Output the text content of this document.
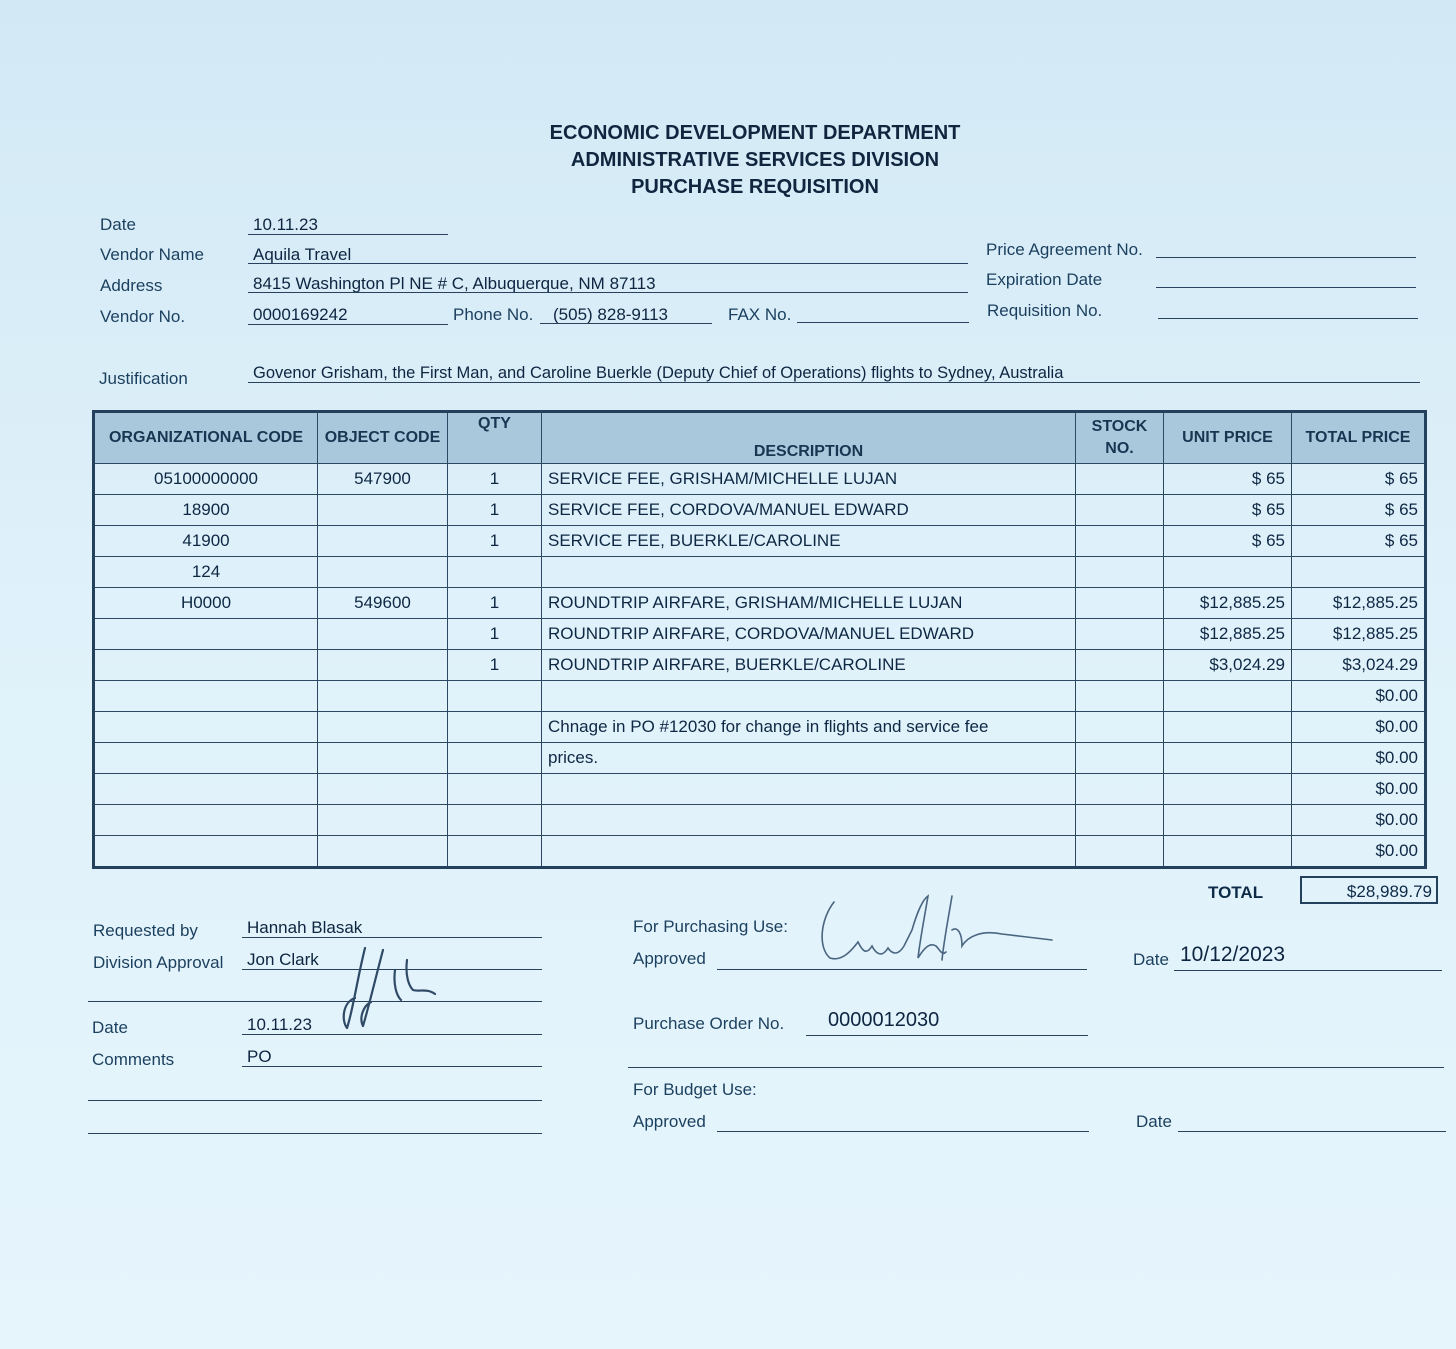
ECONOMIC DEVELOPMENT DEPARTMENT
ADMINISTRATIVE SERVICES DIVISION
PURCHASE REQUISITION
Date	10.11.23
Vendor Name	Aquila Travel
Address	8415 Washington Pl NE # C, Albuquerque, NM 87113
Vendor No.	0000169242	Phone No. (505) 828-9113	FAX No.
Price Agreement No.
Expiration Date
Requisition No.
Justification	Govenor Grisham, the First Man, and Caroline Buerkle (Deputy Chief of Operations) flights to Sydney, Australia
ORGANIZATIONAL CODE	OBJECT CODE	QTY	DESCRIPTION	STOCK NO.	UNIT PRICE	TOTAL PRICE
05100000000	547900	1	SERVICE FEE, GRISHAM/MICHELLE LUJAN		$ 65	$ 65
18900		1	SERVICE FEE, CORDOVA/MANUEL EDWARD		$ 65	$ 65
41900		1	SERVICE FEE, BUERKLE/CAROLINE		$ 65	$ 65
124						
H0000	549600	1	ROUNDTRIP AIRFARE, GRISHAM/MICHELLE LUJAN		$12,885.25	$12,885.25
		1	ROUNDTRIP AIRFARE, CORDOVA/MANUEL EDWARD		$12,885.25	$12,885.25
		1	ROUNDTRIP AIRFARE, BUERKLE/CAROLINE		$3,024.29	$3,024.29
						$0.00
			Chnage in PO #12030 for change in flights and service fee			$0.00
			prices.			$0.00
						$0.00
						$0.00
						$0.00
TOTAL	$28,989.79
Requested by	Hannah Blasak
Division Approval Jon Clark
Date	10.11.23
Comments	PO
For Purchasing Use:
Approved	Date 10/12/2023
Purchase Order No. 0000012030
For Budget Use:
Approved	Date
